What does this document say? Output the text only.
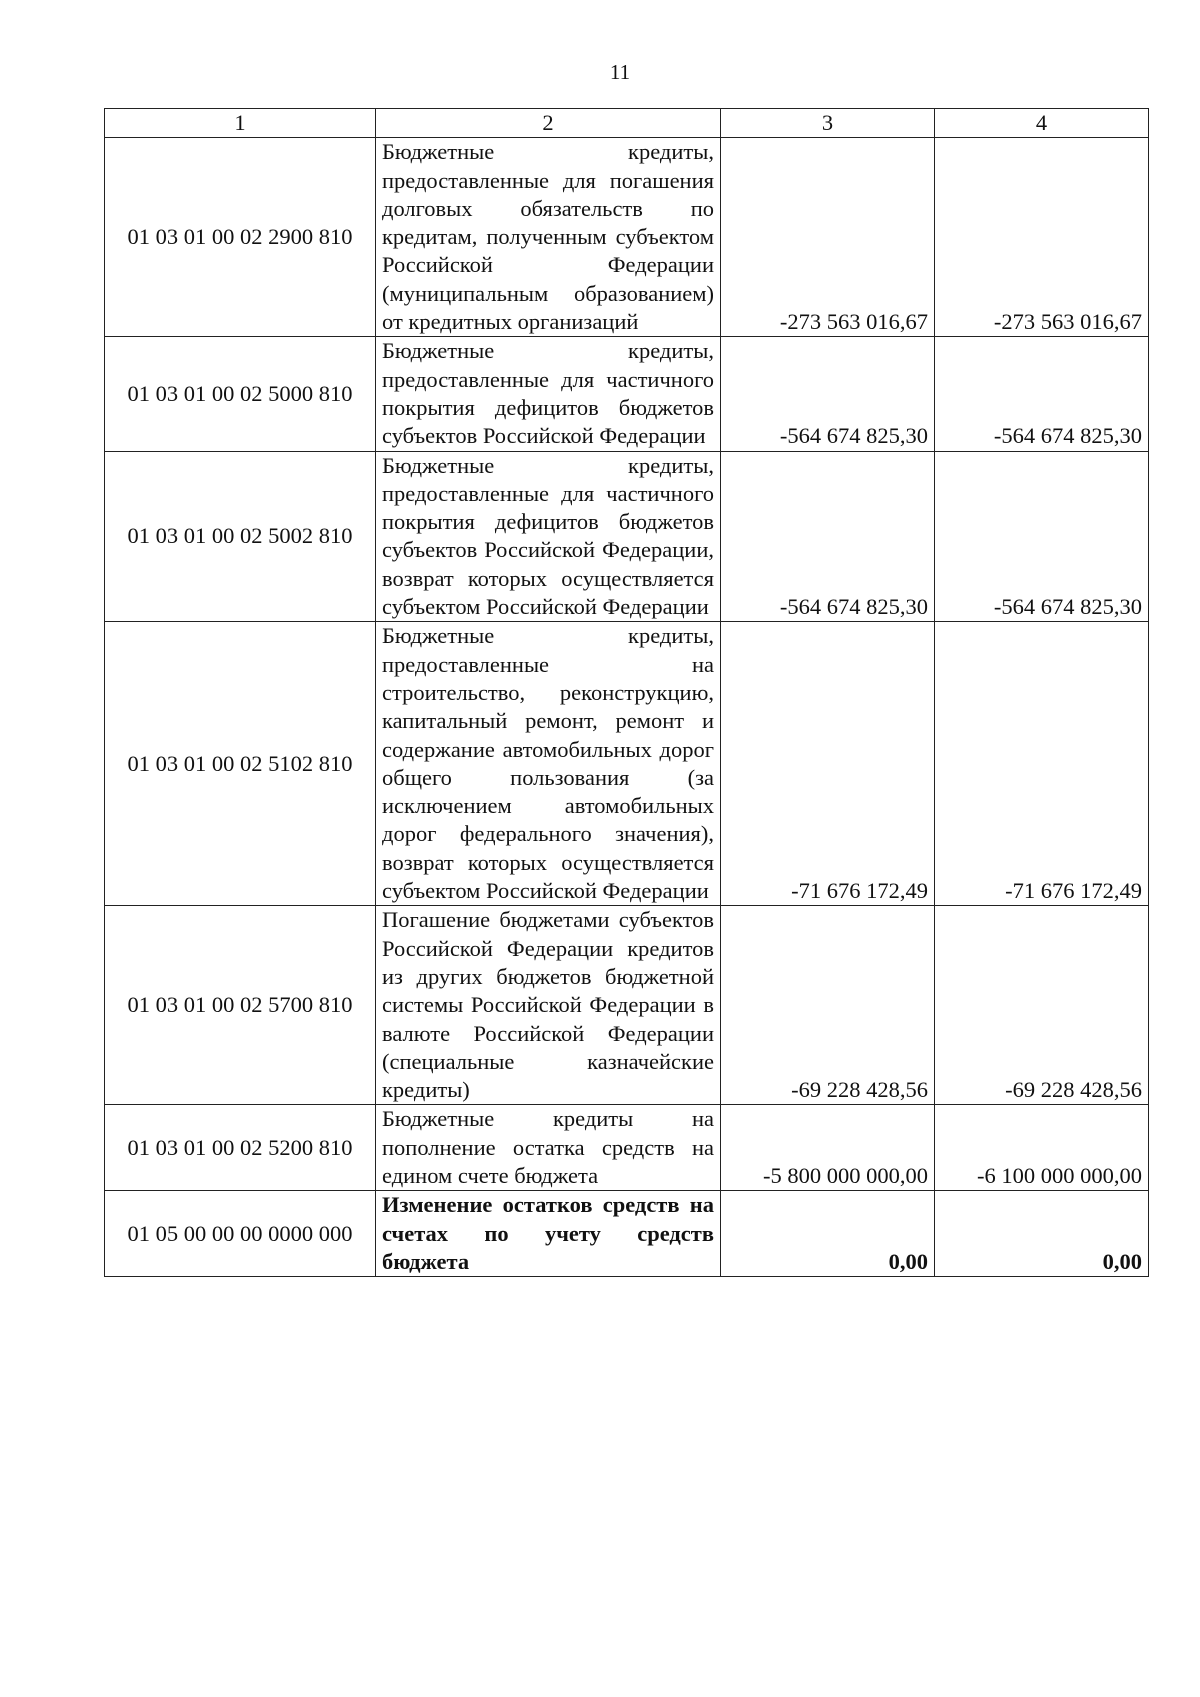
11
1	2	3	4
01 03 01 00 02 2900 810	Бюджетные кредиты, предоставленные для погашения долговых обязательств по кредитам, полученным субъектом Российской Федерации (муниципальным образованием) от кредитных организаций	-273 563 016,67	-273 563 016,67
01 03 01 00 02 5000 810	Бюджетные кредиты, предоставленные для частичного покрытия дефицитов бюджетов субъектов Российской Федерации	-564 674 825,30	-564 674 825,30
01 03 01 00 02 5002 810	Бюджетные кредиты, предоставленные для частичного покрытия дефицитов бюджетов субъектов Российской Федерации, возврат которых осуществляется субъектом Российской Федерации	-564 674 825,30	-564 674 825,30
01 03 01 00 02 5102 810	Бюджетные кредиты, предоставленные на строительство, реконструкцию, капитальный ремонт, ремонт и содержание автомобильных дорог общего пользования (за исключением автомобильных дорог федерального значения), возврат которых осуществляется субъектом Российской Федерации	-71 676 172,49	-71 676 172,49
01 03 01 00 02 5700 810	Погашение бюджетами субъектов Российской Федерации кредитов из других бюджетов бюджетной системы Российской Федерации в валюте Российской Федерации (специальные казначейские кредиты)	-69 228 428,56	-69 228 428,56
01 03 01 00 02 5200 810	Бюджетные кредиты на пополнение остатка средств на едином счете бюджета	-5 800 000 000,00	-6 100 000 000,00
01 05 00 00 00 0000 000	Изменение остатков средств на счетах по учету средств бюджета	0,00	0,00
